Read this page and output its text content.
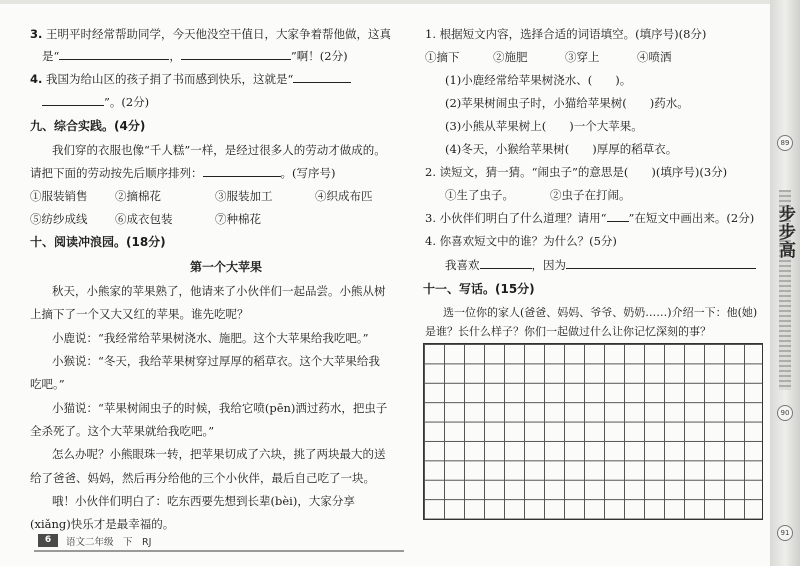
3. 王明平时经常帮助同学，今天他没空干值日，大家争着帮他做，这真
是“	，	”啊！(2分)
4. 我国为给山区的孩子捐了书而感到快乐，这就是“
”。(2分)
九、综合实践。(4分)
我们穿的衣服也像“千人糕”一样，是经过很多人的劳动才做成的。
请把下面的劳动按先后顺序排列：	。(写序号)
①服装销售 ②摘棉花	③服装加工	④织成布匹
⑤纺纱成线 ⑥成衣包装	⑦种棉花
十、阅读冲浪园。(18分)
第一个大苹果
秋天，小熊家的苹果熟了，他请来了小伙伴们一起品尝。小熊从树
上摘下了一个又大又红的苹果。谁先吃呢？
小鹿说：“我经常给苹果树浇水、施肥。这个大苹果给我吃吧。”
小猴说：“冬天，我给苹果树穿过厚厚的稻草衣。这个大苹果给我
吃吧。”
小猫说：“苹果树闹虫子的时候，我给它喷(pēn)洒过药水，把虫子
全杀死了。这个大苹果就给我吃吧。”
怎么办呢？小熊眼珠一转，把苹果切成了六块，挑了两块最大的送
给了爸爸、妈妈，然后再分给他的三个小伙伴，最后自己吃了一块。
哦！小伙伴们明白了：吃东西要先想到长辈(bèi)，大家分享
(xiǎng)快乐才是最幸福的。
6	语文二年级　下　RJ
1. 根据短文内容，选择合适的词语填空。(填序号)(8分)
①摘下	②施肥	③穿上	④喷洒
(1)小鹿经常给苹果树浇水、(　　)。
(2)苹果树闹虫子时，小猫给苹果树(　　)药水。
(3)小熊从苹果树上(　　)一个大苹果。
(4)冬天，小猴给苹果树(　　)厚厚的稻草衣。
2. 读短文，猜一猜。“闹虫子”的意思是(　　)(填序号)(3分)
①生了虫子。	②虫子在打闹。
3. 小伙伴们明白了什么道理？请用“ ”在短文中画出来。(2分)
4. 你喜欢短文中的谁？为什么？(5分)
我喜欢	，因为
十一、写话。(15分)
选一位你的家人(爸爸、妈妈、爷爷、奶奶……)介绍一下：他(她)
是谁？长什么样子？你们一起做过什么让你记忆深刻的事？
步步高
89
90
91
